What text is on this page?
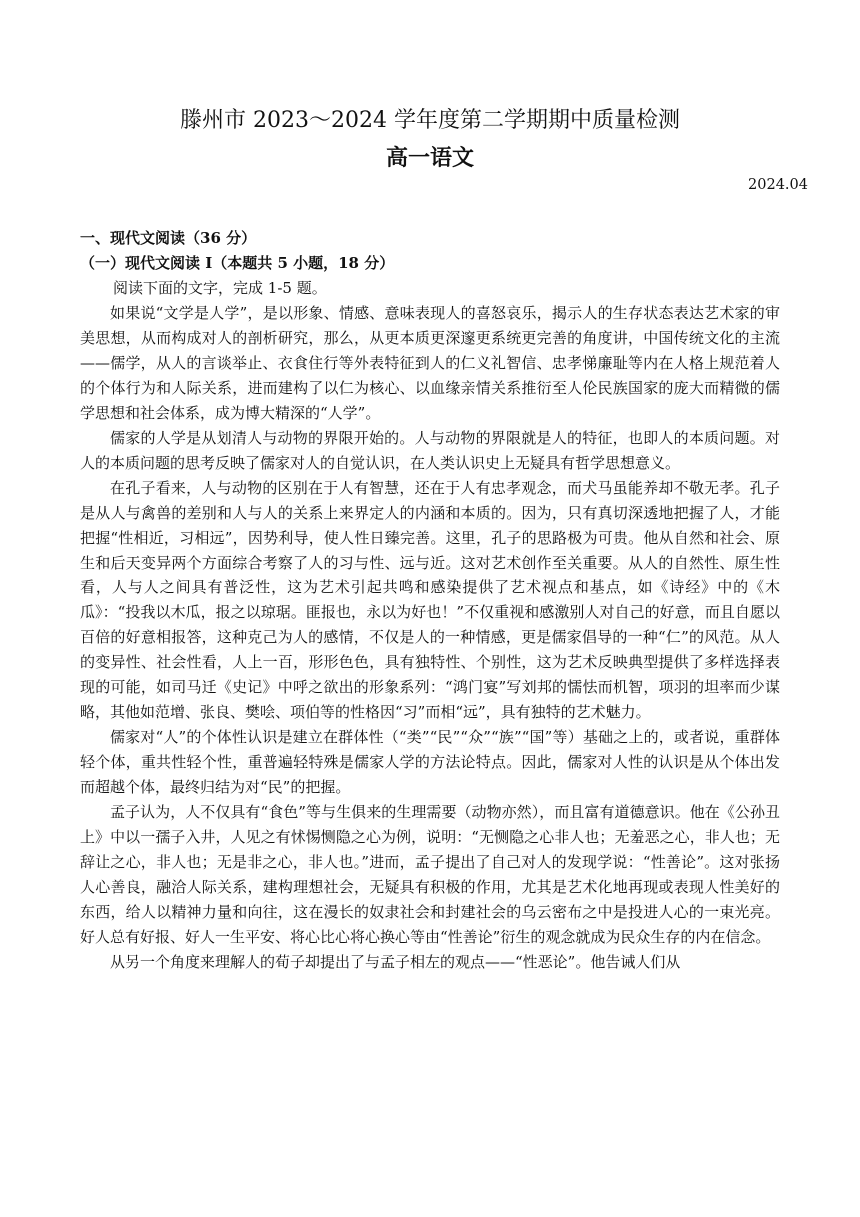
滕州市 2023～2024 学年度第二学期期中质量检测
高一语文
2024.04
一、现代文阅读（36 分）
（一）现代文阅读 I（本题共 5 小题，18 分）
阅读下面的文字，完成 1-5 题。

如果说“文学是人学”，是以形象、情感、意味表现人的喜怒哀乐，揭示人的生存状态表达艺术家的审美思想，从而构成对人的剖析研究，那么，从更本质更深邃更系统更完善的角度讲，中国传统文化的主流——儒学，从人的言谈举止、衣食住行等外表特征到人的仁义礼智信、忠孝悌廉耻等内在人格上规范着人的个体行为和人际关系，进而建构了以仁为核心、以血缘亲情关系推衍至人伦民族国家的庞大而精微的儒学思想和社会体系，成为博大精深的“人学”。

儒家的人学是从划清人与动物的界限开始的。人与动物的界限就是人的特征，也即人的本质问题。对人的本质问题的思考反映了儒家对人的自觉认识，在人类认识史上无疑具有哲学思想意义。

在孔子看来，人与动物的区别在于人有智慧，还在于人有忠孝观念，而犬马虽能养却不敬无孝。孔子是从人与禽兽的差别和人与人的关系上来界定人的内涵和本质的。因为，只有真切深透地把握了人，才能把握“性相近，习相远”，因势利导，使人性日臻完善。这里，孔子的思路极为可贵。他从自然和社会、原生和后天变异两个方面综合考察了人的习与性、远与近。这对艺术创作至关重要。从人的自然性、原生性看，人与人之间具有普泛性，这为艺术引起共鸣和感染提供了艺术视点和基点，如《诗经》中的《木瓜》：“投我以木瓜，报之以琼琚。匪报也，永以为好也！”不仅重视和感激别人对自己的好意，而且自愿以百倍的好意相报答，这种克己为人的感情，不仅是人的一种情感，更是儒家倡导的一种“仁”的风范。从人的变异性、社会性看，人上一百，形形色色，具有独特性、个别性，这为艺术反映典型提供了多样选择表现的可能，如司马迁《史记》中呼之欲出的形象系列：“鸿门宴”写刘邦的懦怯而机智，项羽的坦率而少谋略，其他如范增、张良、樊哙、项伯等的性格因“习”而相“远”，具有独特的艺术魅力。

儒家对“人”的个体性认识是建立在群体性（“类”“民”“众”“族”“国”等）基础之上的，或者说，重群体轻个体，重共性轻个性，重普遍轻特殊是儒家人学的方法论特点。因此，儒家对人性的认识是从个体出发而超越个体，最终归结为对“民”的把握。

孟子认为，人不仅具有“食色”等与生俱来的生理需要（动物亦然），而且富有道德意识。他在《公孙丑上》中以一孺子入井，人见之有怵惕恻隐之心为例，说明：“无恻隐之心非人也；无羞恶之心，非人也；无辞让之心，非人也；无是非之心，非人也。”进而，孟子提出了自己对人的发现学说：“性善论”。这对张扬人心善良，融洽人际关系，建构理想社会，无疑具有积极的作用，尤其是艺术化地再现或表现人性美好的东西，给人以精神力量和向往，这在漫长的奴隶社会和封建社会的乌云密布之中是投进人心的一束光亮。好人总有好报、好人一生平安、将心比心将心换心等由“性善论”衍生的观念就成为民众生存的内在信念。

从另一个角度来理解人的荀子却提出了与孟子相左的观点——“性恶论”。他告诫人们从
